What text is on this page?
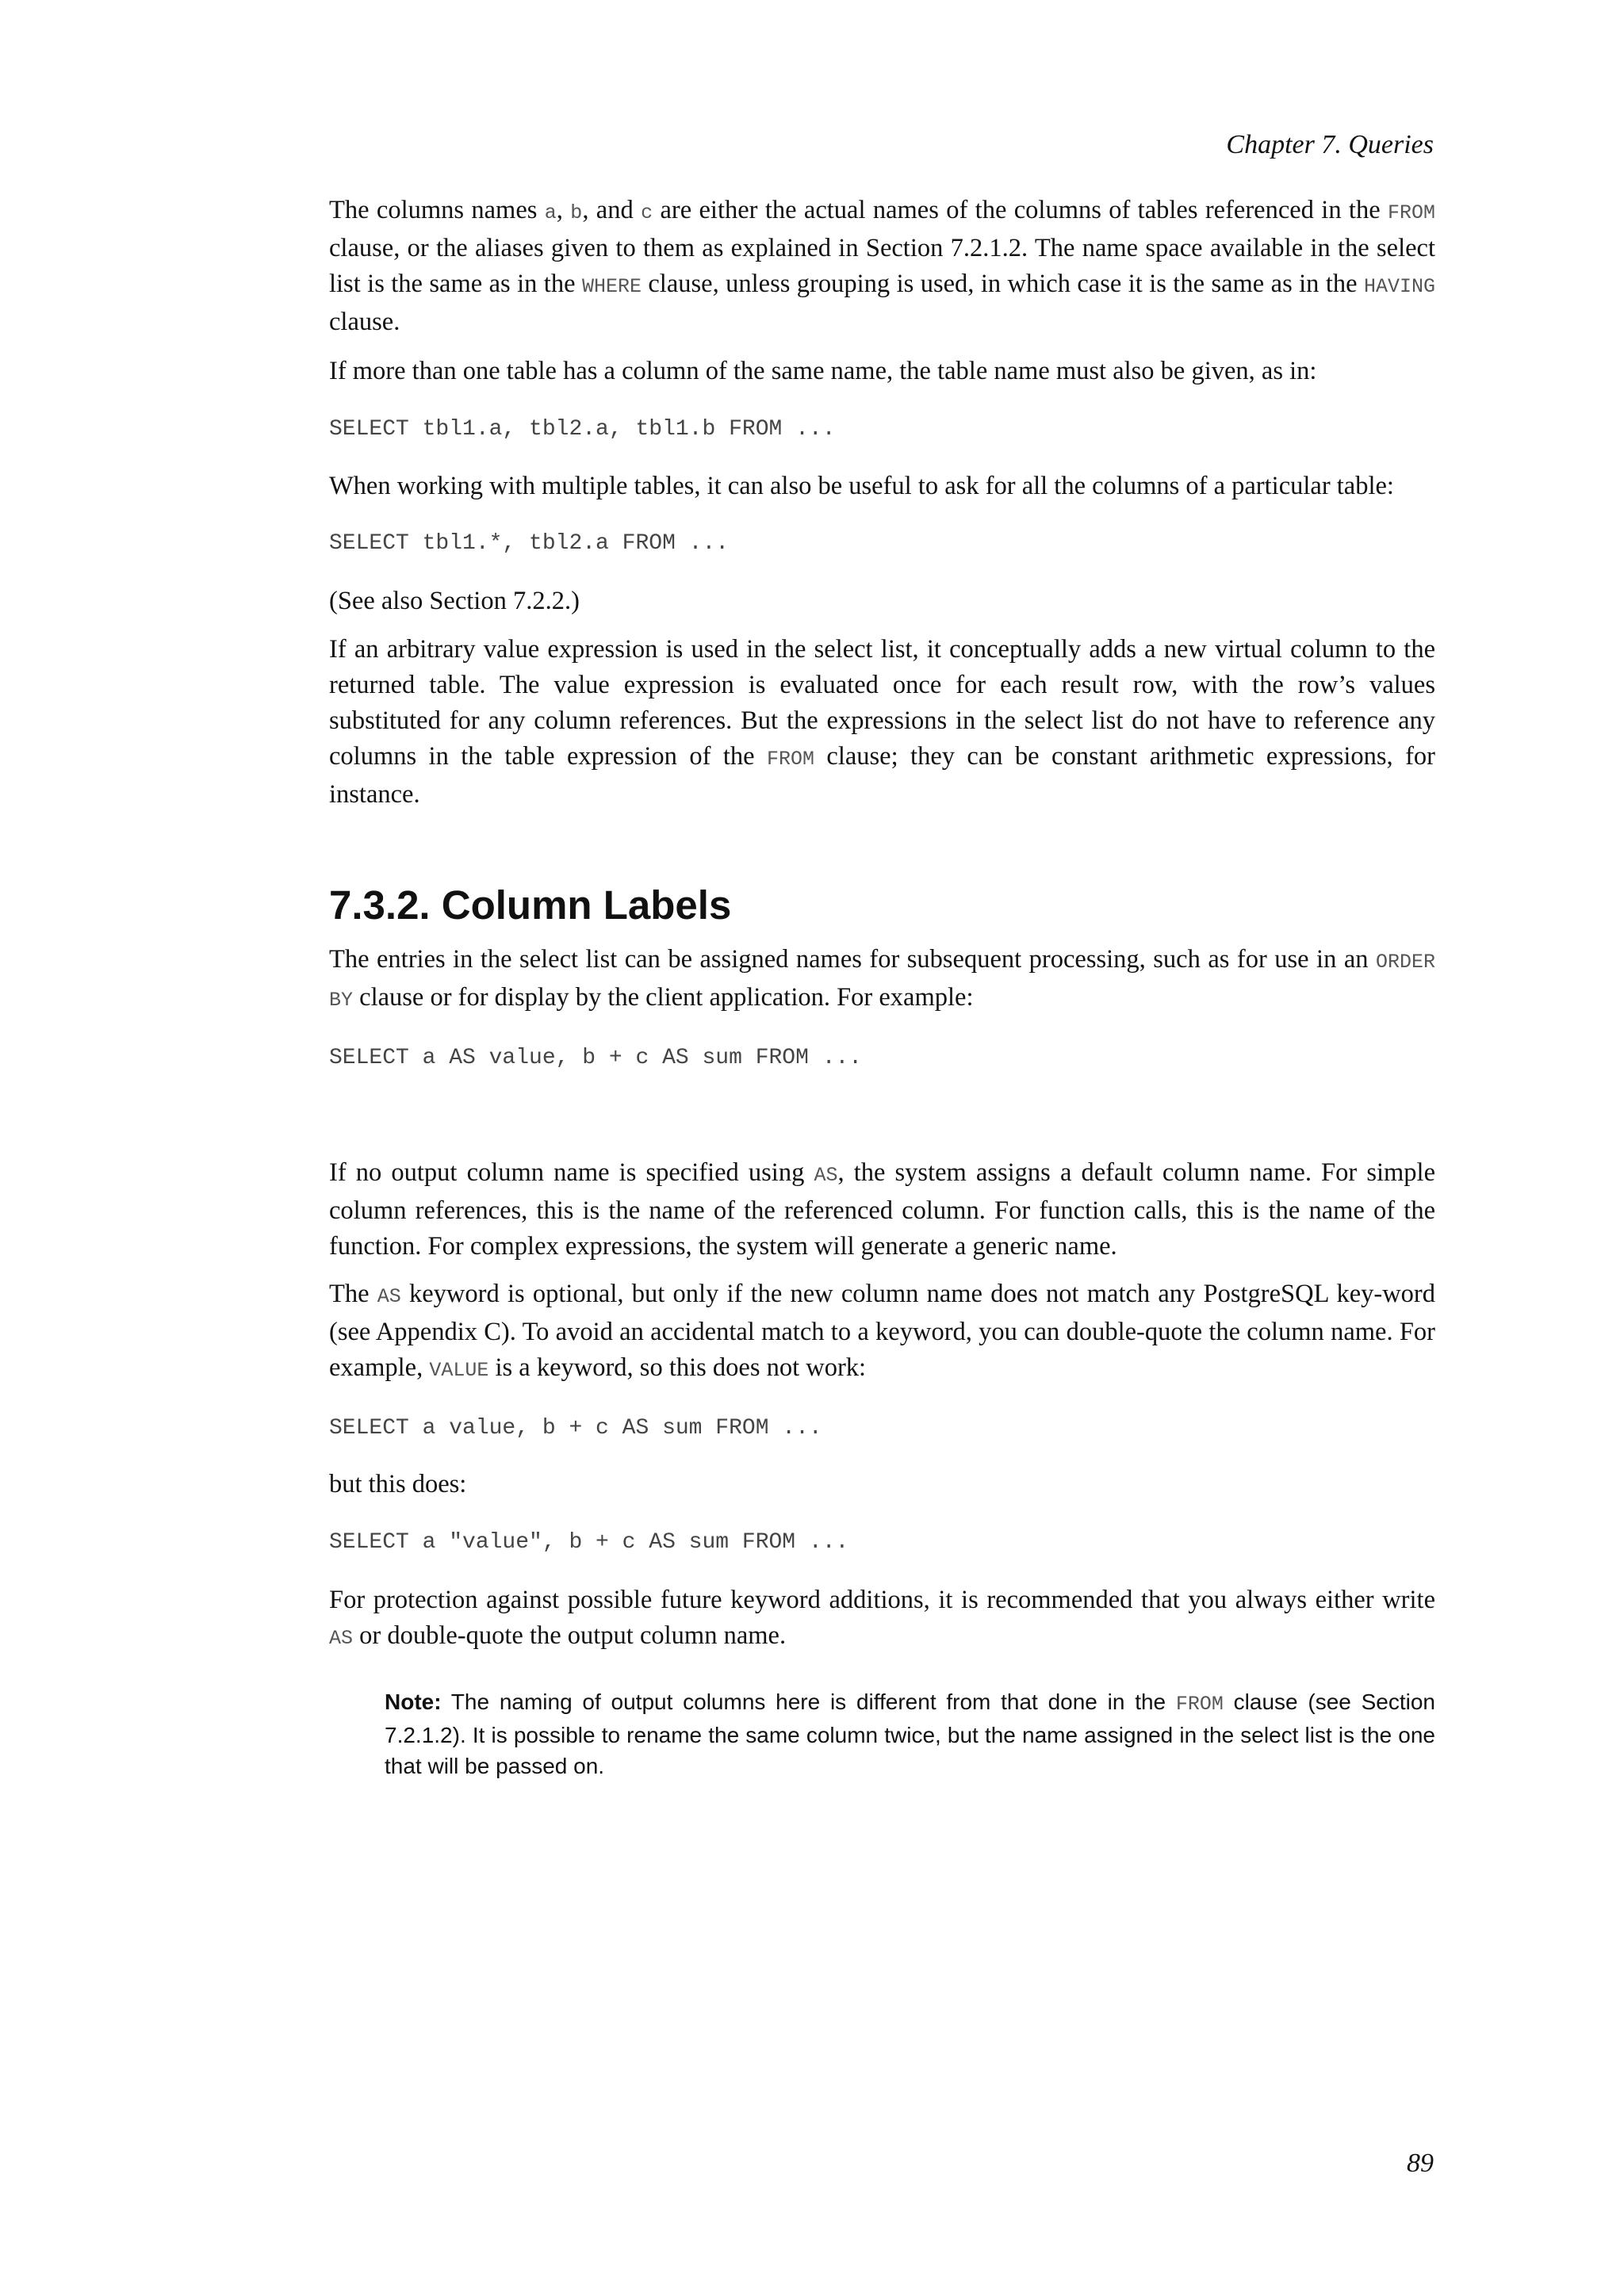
Chapter 7. Queries

The columns names a, b, and c are either the actual names of the columns of tables referenced in the FROM clause, or the aliases given to them as explained in Section 7.2.1.2. The name space available in the select list is the same as in the WHERE clause, unless grouping is used, in which case it is the same as in the HAVING clause.

If more than one table has a column of the same name, the table name must also be given, as in:

SELECT tbl1.a, tbl2.a, tbl1.b FROM ...

When working with multiple tables, it can also be useful to ask for all the columns of a particular table:

SELECT tbl1.*, tbl2.a FROM ...

(See also Section 7.2.2.)

If an arbitrary value expression is used in the select list, it conceptually adds a new virtual column to the returned table. The value expression is evaluated once for each result row, with the row’s values substituted for any column references. But the expressions in the select list do not have to reference any columns in the table expression of the FROM clause; they can be constant arithmetic expressions, for instance.

7.3.2. Column Labels

The entries in the select list can be assigned names for subsequent processing, such as for use in an ORDER BY clause or for display by the client application. For example:

SELECT a AS value, b + c AS sum FROM ...

If no output column name is specified using AS, the system assigns a default column name. For simple column references, this is the name of the referenced column. For function calls, this is the name of the function. For complex expressions, the system will generate a generic name.

The AS keyword is optional, but only if the new column name does not match any PostgreSQL key-word (see Appendix C). To avoid an accidental match to a keyword, you can double-quote the column name. For example, VALUE is a keyword, so this does not work:

SELECT a value, b + c AS sum FROM ...

but this does:

SELECT a "value", b + c AS sum FROM ...

For protection against possible future keyword additions, it is recommended that you always either write AS or double-quote the output column name.

Note: The naming of output columns here is different from that done in the FROM clause (see Section 7.2.1.2). It is possible to rename the same column twice, but the name assigned in the select list is the one that will be passed on.
89
